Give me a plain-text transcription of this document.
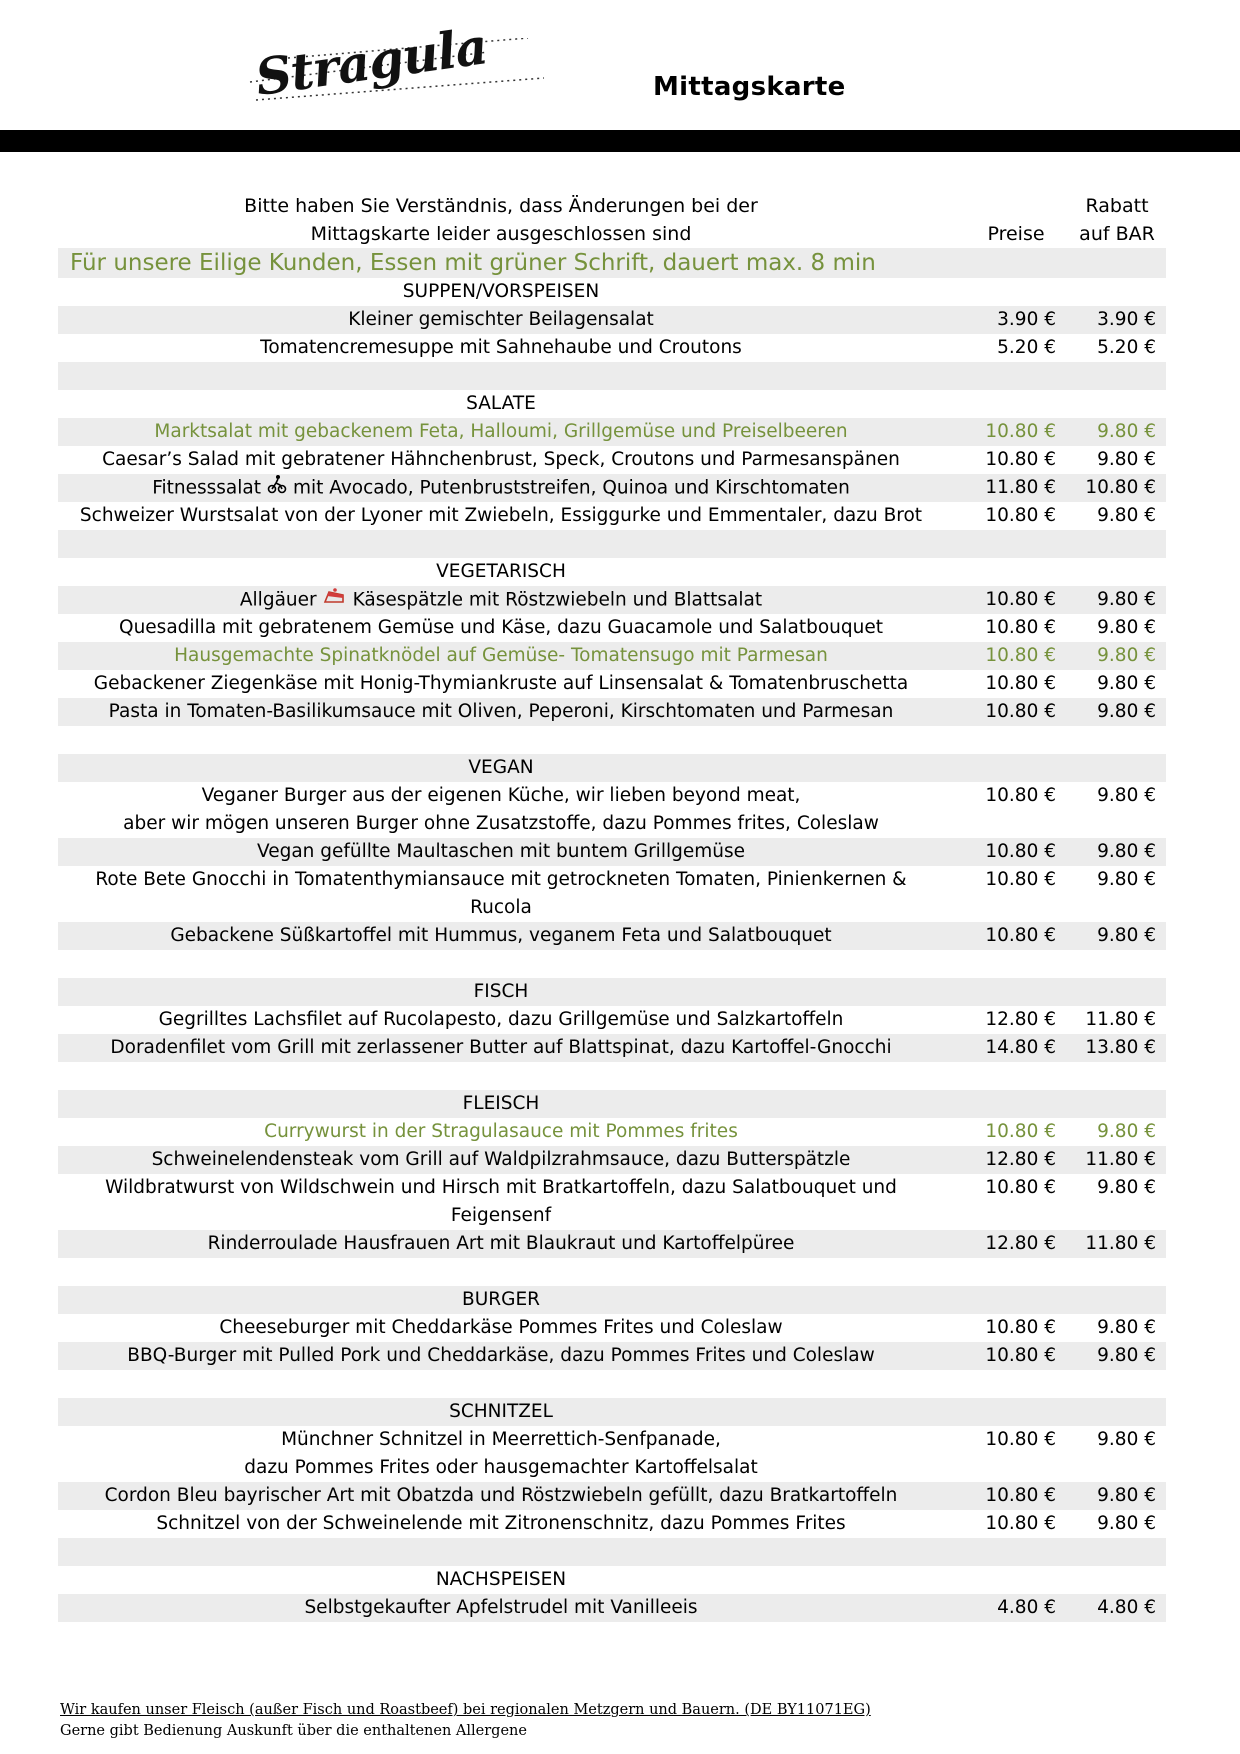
Stragula	Mittagskarte
Bitte haben Sie Verständnis, dass Änderungen bei der
Mittagskarte leider ausgeschlossen sind	Preise
Rabatt
auf BAR
Für unsere Eilige Kunden, Essen mit grüner Schrift, dauert max. 8 min
SUPPEN/VORSPEISEN
Kleiner gemischter Beilagensalat	3.90 €	3.90 €
Tomatencremesuppe mit Sahnehaube und Croutons	5.20 €	5.20 €
SALATE
Marktsalat mit gebackenem Feta, Halloumi, Grillgemüse und Preiselbeeren	10.80 €	9.80 €
Caesar’s Salad mit gebratener Hähnchenbrust, Speck, Croutons und Parmesanspänen	10.80 €	9.80 €
Fitnesssalat mit Avocado, Putenbruststreifen, Quinoa und Kirschtomaten	11.80 €	10.80 €
Schweizer Wurstsalat von der Lyoner mit Zwiebeln, Essiggurke und Emmentaler, dazu Brot	10.80 €	9.80 €
VEGETARISCH
Allgäuer Käsespätzle mit Röstzwiebeln und Blattsalat	10.80 €	9.80 €
Quesadilla mit gebratenem Gemüse und Käse, dazu Guacamole und Salatbouquet	10.80 €	9.80 €
Hausgemachte Spinatknödel auf Gemüse- Tomatensugo mit Parmesan	10.80 €	9.80 €
Gebackener Ziegenkäse mit Honig-Thymiankruste auf Linsensalat & Tomatenbruschetta	10.80 €	9.80 €
Pasta in Tomaten-Basilikumsauce mit Oliven, Peperoni, Kirschtomaten und Parmesan	10.80 €	9.80 €
VEGAN
Veganer Burger aus der eigenen Küche, wir lieben beyond meat,	10.80 €	9.80 €
aber wir mögen unseren Burger ohne Zusatzstoffe, dazu Pommes frites, Coleslaw
Vegan gefüllte Maultaschen mit buntem Grillgemüse	10.80 €	9.80 €
Rote Bete Gnocchi in Tomatenthymiansauce mit getrockneten Tomaten, Pinienkernen &	10.80 €	9.80 €
Rucola
Gebackene Süßkartoffel mit Hummus, veganem Feta und Salatbouquet	10.80 €	9.80 €
FISCH
Gegrilltes Lachsfilet auf Rucolapesto, dazu Grillgemüse und Salzkartoffeln	12.80 €	11.80 €
Doradenfilet vom Grill mit zerlassener Butter auf Blattspinat, dazu Kartoffel-Gnocchi	14.80 €	13.80 €
FLEISCH
Currywurst in der Stragulasauce mit Pommes frites	10.80 €	9.80 €
Schweinelendensteak vom Grill auf Waldpilzrahmsauce, dazu Butterspätzle	12.80 €	11.80 €
Wildbratwurst von Wildschwein und Hirsch mit Bratkartoffeln, dazu Salatbouquet und	10.80 €	9.80 €
Feigensenf
Rinderroulade Hausfrauen Art mit Blaukraut und Kartoffelpüree	12.80 €	11.80 €
BURGER
Cheeseburger mit Cheddarkäse Pommes Frites und Coleslaw	10.80 €	9.80 €
BBQ-Burger mit Pulled Pork und Cheddarkäse, dazu Pommes Frites und Coleslaw	10.80 €	9.80 €
SCHNITZEL
Münchner Schnitzel in Meerrettich-Senfpanade,	10.80 €	9.80 €
dazu Pommes Frites oder hausgemachter Kartoffelsalat
Cordon Bleu bayrischer Art mit Obatzda und Röstzwiebeln gefüllt, dazu Bratkartoffeln	10.80 €	9.80 €
Schnitzel von der Schweinelende mit Zitronenschnitz, dazu Pommes Frites	10.80 €	9.80 €
NACHSPEISEN
Selbstgekaufter Apfelstrudel mit Vanilleeis	4.80 €	4.80 €
Wir kaufen unser Fleisch (außer Fisch und Roastbeef) bei regionalen Metzgern und Bauern. (DE BY11071EG)
Gerne gibt Bedienung Auskunft über die enthaltenen Allergene
